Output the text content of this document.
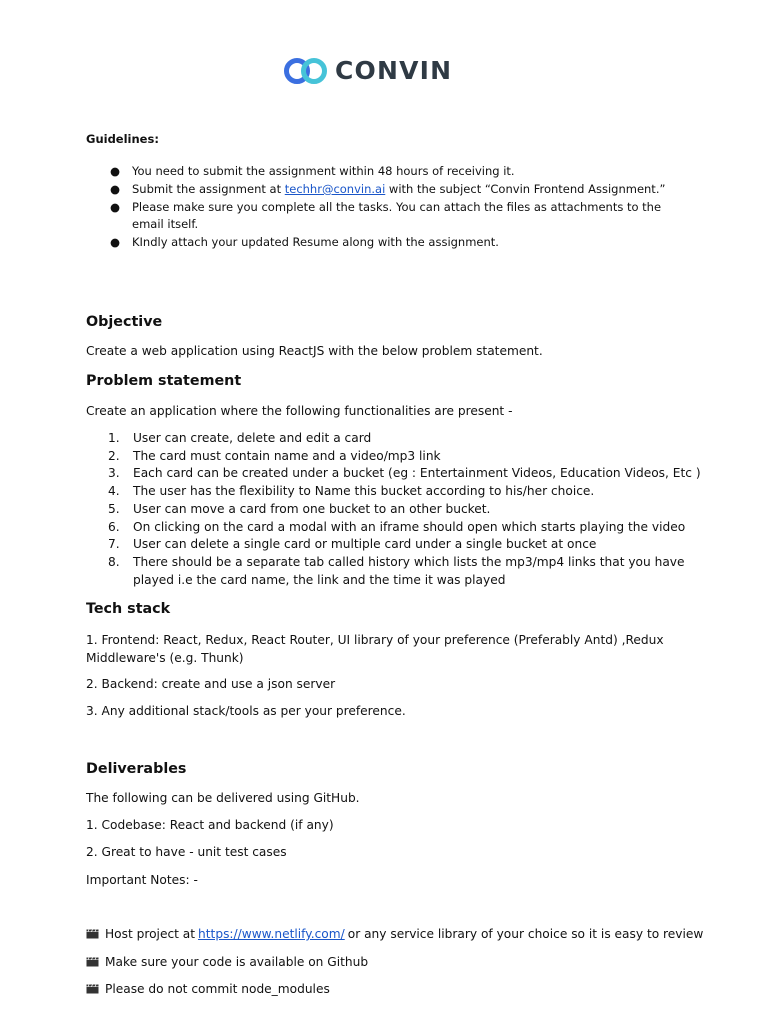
CONVIN
Guidelines:
● You need to submit the assignment within 48 hours of receiving it.
● Submit the assignment at techhr@convin.ai with the subject “Convin Frontend Assignment.”
● Please make sure you complete all the tasks. You can attach the files as attachments to the email itself.
● KIndly attach your updated Resume along with the assignment.
Objective
Create a web application using ReactJS with the below problem statement.
Problem statement
Create an application where the following functionalities are present -
1. User can create, delete and edit a card
2. The card must contain name and a video/mp3 link
3. Each card can be created under a bucket (eg : Entertainment Videos, Education Videos, Etc )
4. The user has the flexibility to Name this bucket according to his/her choice.
5. User can move a card from one bucket to an other bucket.
6. On clicking on the card a modal with an iframe should open which starts playing the video
7. User can delete a single card or multiple card under a single bucket at once
8. There should be a separate tab called history which lists the mp3/mp4 links that you have played i.e the card name, the link and the time it was played
Tech stack
1. Frontend: React, Redux, React Router, UI library of your preference (Preferably Antd) ,Redux Middleware's (e.g. Thunk)
2. Backend: create and use a json server
3. Any additional stack/tools as per your preference.
Deliverables
The following can be delivered using GitHub.
1. Codebase: React and backend (if any)
2. Great to have - unit test cases
Important Notes: -
Host project at https://www.netlify.com/ or any service library of your choice so it is easy to review
Make sure your code is available on Github
Please do not commit node_modules
